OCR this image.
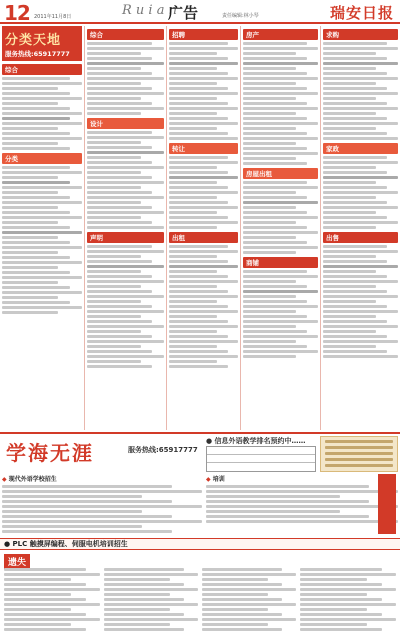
12 2011年11月8日	R u i a n
广告	责任编辑:林小琴	瑞安日报
分类天地
服务热线:65917777
综合
分类
综合
设计
声明
招聘
转让
出租
房产
房屋出租
商铺
求购
家政
出售
学海无涯	服务热线:65917777
● 信息外语教学排名预约中……
◆ 现代外语学校招生
◆	培训
● PLC 触摸屏编程、伺服电机培训招生
遗失
